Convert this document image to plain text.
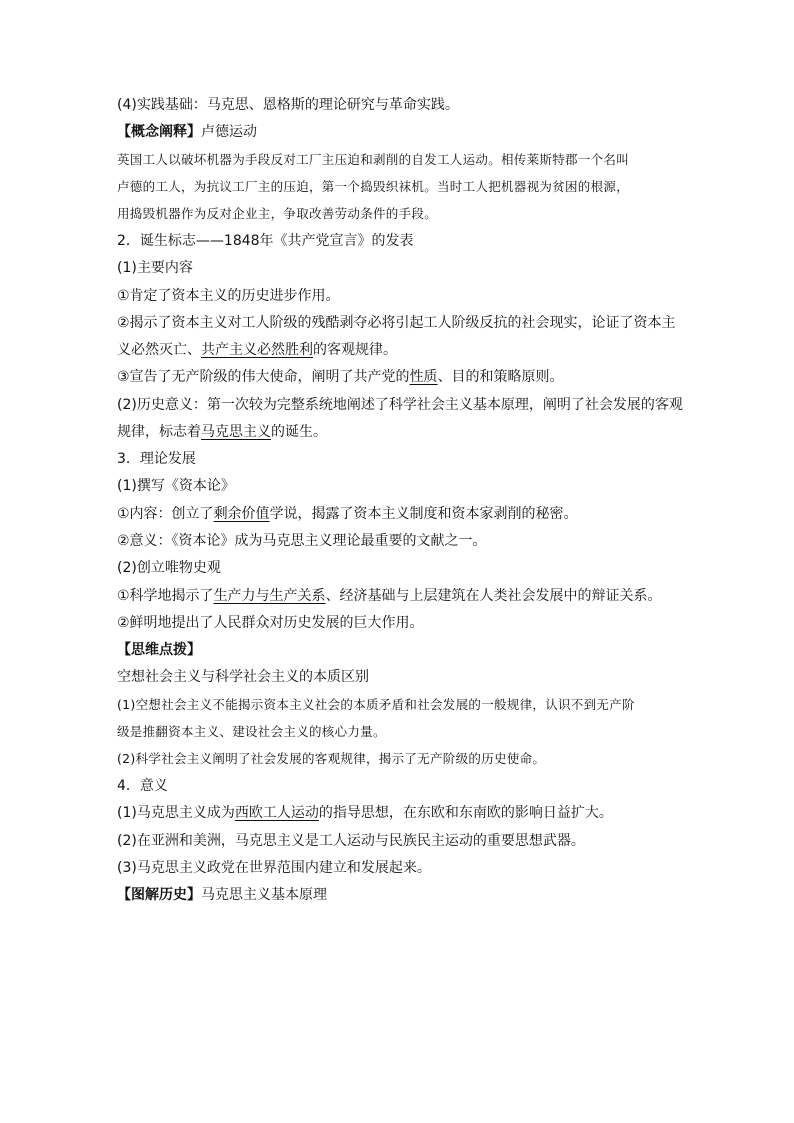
(4)实践基础：马克思、恩格斯的理论研究与革命实践。
【概念阐释】卢德运动
英国工人以破坏机器为手段反对工厂主压迫和剥削的自发工人运动。相传莱斯特郡一个名叫
卢德的工人，为抗议工厂主的压迫，第一个捣毁织袜机。当时工人把机器视为贫困的根源，
用捣毁机器作为反对企业主，争取改善劳动条件的手段。
2．诞生标志——1848年《共产党宣言》的发表
(1)主要内容
①肯定了资本主义的历史进步作用。
②揭示了资本主义对工人阶级的残酷剥夺必将引起工人阶级反抗的社会现实，论证了资本主
义必然灭亡、共产主义必然胜利的客观规律。
③宣告了无产阶级的伟大使命，阐明了共产党的性质、目的和策略原则。
(2)历史意义：第一次较为完整系统地阐述了科学社会主义基本原理，阐明了社会发展的客观
规律，标志着马克思主义的诞生。
3．理论发展
(1)撰写《资本论》
①内容：创立了剩余价值学说，揭露了资本主义制度和资本家剥削的秘密。
②意义：《资本论》成为马克思主义理论最重要的文献之一。
(2)创立唯物史观
①科学地揭示了生产力与生产关系、经济基础与上层建筑在人类社会发展中的辩证关系。
②鲜明地提出了人民群众对历史发展的巨大作用。
【思维点拨】
空想社会主义与科学社会主义的本质区别
(1)空想社会主义不能揭示资本主义社会的本质矛盾和社会发展的一般规律，认识不到无产阶
级是推翻资本主义、建设社会主义的核心力量。
(2)科学社会主义阐明了社会发展的客观规律，揭示了无产阶级的历史使命。
4．意义
(1)马克思主义成为西欧工人运动的指导思想，在东欧和东南欧的影响日益扩大。
(2)在亚洲和美洲，马克思主义是工人运动与民族民主运动的重要思想武器。
(3)马克思主义政党在世界范围内建立和发展起来。
【图解历史】马克思主义基本原理
